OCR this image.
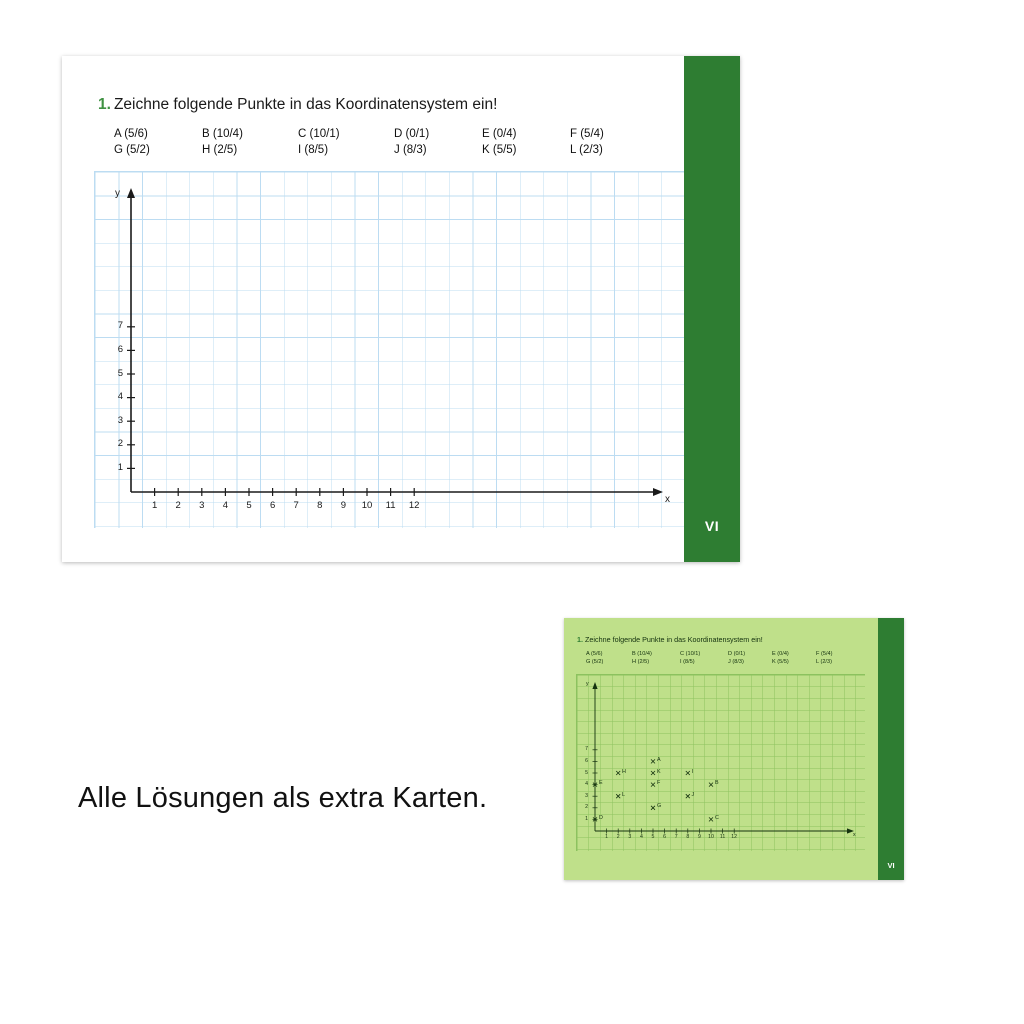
1. Zeichne folgende Punkte in das Koordinatensystem ein!
A (5/6)	B (10/4)	C (10/1)	D (0/1)	E (0/4)	F (5/4)
G (5/2)	H (2/5)	I (8/5)	J (8/3)	K (5/5)	L (2/3)
y
x
1
2
3
4
5
6
7
1	2	3	4	5	6	7	8	9	10 11 12
VI
1. Zeichne folgende Punkte in das Koordinatensystem ein!
A (5/6)	B (10/4)	C (10/1)	D (0/1)	E (0/4)	F (5/4)
G (5/2)	H (2/5)	I (8/5)	J (8/3)	K (5/5)	L (2/3)
y
x
1
2
3
4
5
6
7
1	2	3	4	5	6	7	8	9	10 11 12
A
B
C
D
E	F
G
H	I
J
K
L
VI
Alle Lösungen als extra Karten.
